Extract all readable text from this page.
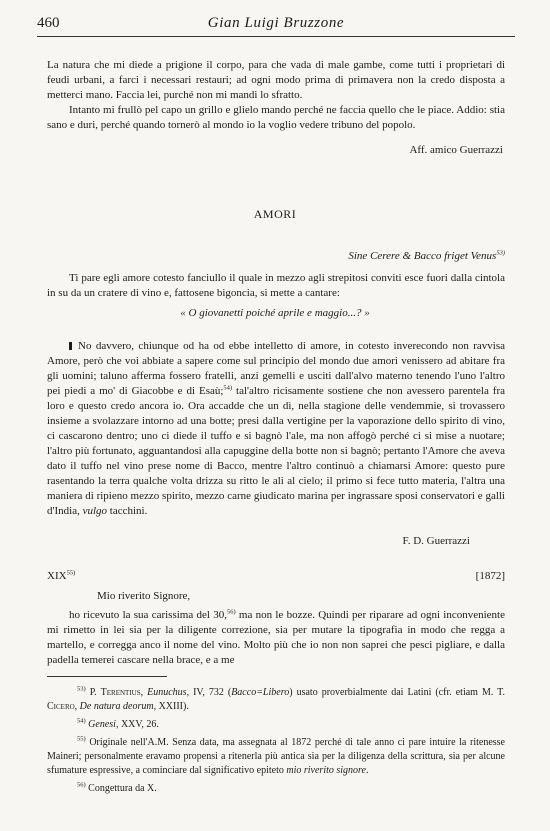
460	Gian Luigi Bruzzone

La natura che mi diede a prigione il corpo, para che vada di male gambe, come tutti i proprietari di feudi urbani, a farci i necessari restauri; ad ogni modo prima di primavera non la credo disposta a metterci mano. Faccia lei, purché non mi mandi lo sfratto.

Intanto mi frullò pel capo un grillo e glielo mando perché ne faccia quello che le piace. Addio: stia sano e duri, perché quando tornerò al mondo io la voglio vedere tribuno del popolo.

Aff. amico Guerrazzi
AMORI
Sine Cerere & Bacco friget Venus$^{53)}$

Ti pare egli amore cotesto fanciullo il quale in mezzo agli strepitosi conviti esce fuori dalla cintola in su da un cratere di vino e, fattosene bigoncia, si mette a cantare:

« O giovanetti poiché aprile e maggio...? »

No davvero, chiunque od ha od ebbe intelletto di amore, in cotesto inverecondo non ravvisa Amore, però che voi abbiate a sapere come sul principio del mondo due amori venissero ad abitare fra gli uomini; taluno afferma fossero fratelli, anzi gemelli e usciti dall'alvo materno tenendo l'uno l'altro pei piedi a mo' di Giacobbe e di Esaù;$^{54)}$ tal'altro ricisamente sostiene che non avessero parentela fra loro e questo credo ancora io. Ora accadde che un dì, nella stagione delle vendemmie, si trovassero insieme a svolazzare intorno ad una botte; presi dalla vertigine per la vaporazione dello spirito di vino, ci cascarono dentro; uno ci diede il tuffo e si bagnò l'ale, ma non affogò perché ci si mise a nuotare; l'altro più fortunato, agguantandosi alla capuggine della botte non si bagnò; pertanto l'Amore che aveva dato il tuffo nel vino prese nome di Bacco, mentre l'altro continuò a chiamarsi Amore: questo pure rasentando la terra qualche volta drizza su ritto le ali al cielo; il primo si fece tutto materia, l'altra una maniera di ripieno mezzo spirito, mezzo carne giudicato marina per ingrassare sposi conservatori e galli d'India, vulgo tacchini.

F. D. Guerrazzi
XIX$^{55)}$	[1872]
Mio riverito Signore,

ho ricevuto la sua carissima del 30,$^{56)}$ ma non le bozze. Quindi per riparare ad ogni inconveniente mi rimetto in lei sia per la diligente correzione, sia per mutare la tipografia in modo che regga a martello, e corregga anco il nome del vino. Molto più che io non non saprei che pesci pigliare, e dalla padella temerei cascare nella brace, e a me

$^{53)}$ P. Terentius, Eunuchus, IV, 732 (Bacco=Libero) usato proverbialmente dai Latini (cfr. etiam M. T. Cicero, De natura deorum, XXIII).

$^{54)}$ Genesi, XXV, 26.

$^{55)}$ Originale nell'A.M. Senza data, ma assegnata al 1872 perché di tale anno ci pare intuire la ritenesse Maineri; personalmente eravamo propensi a ritenerla più antica sia per la diligenza della scrittura, sia per alcune sfumature espressive, a cominciare dal significativo epiteto mio riverito signore.

$^{56)}$ Congettura da X.
